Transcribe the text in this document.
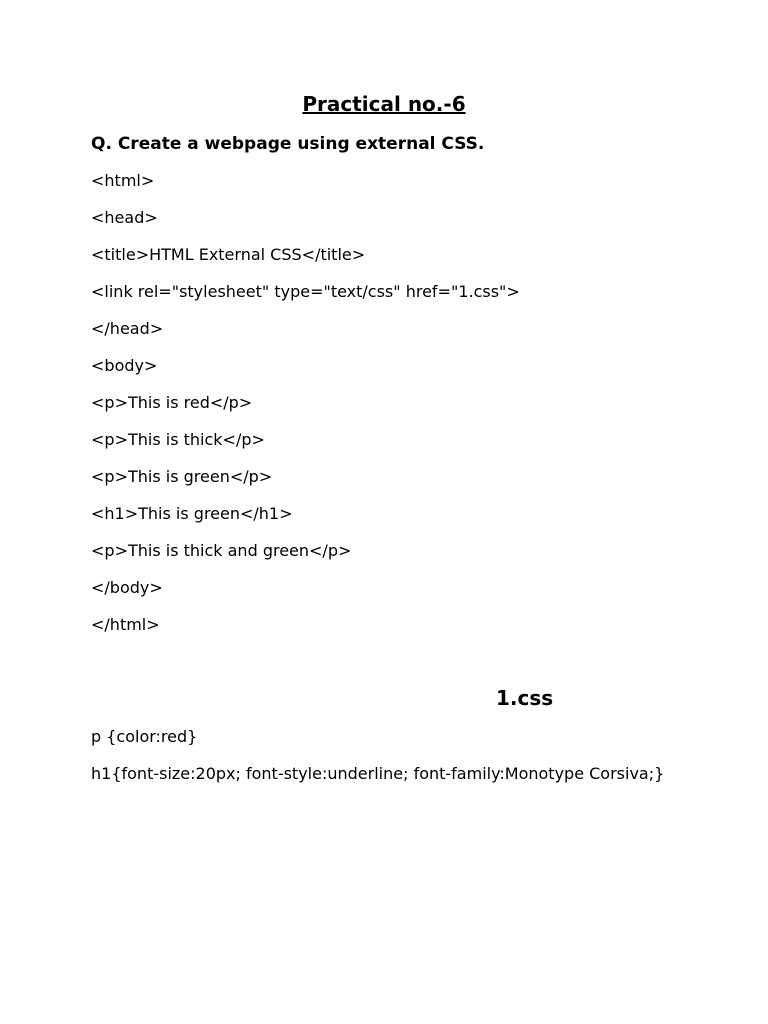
Practical no.-6
Q. Create a webpage using external CSS.
<html>
<head>
<title>HTML External CSS</title>
<link rel="stylesheet" type="text/css" href="1.css">
</head>
<body>
<p>This is red</p>
<p>This is thick</p>
<p>This is green</p>
<h1>This is green</h1>
<p>This is thick and green</p>
</body>
</html>
1.css

p {color:red}

h1{font-size:20px; font-style:underline; font-family:Monotype Corsiva;}
